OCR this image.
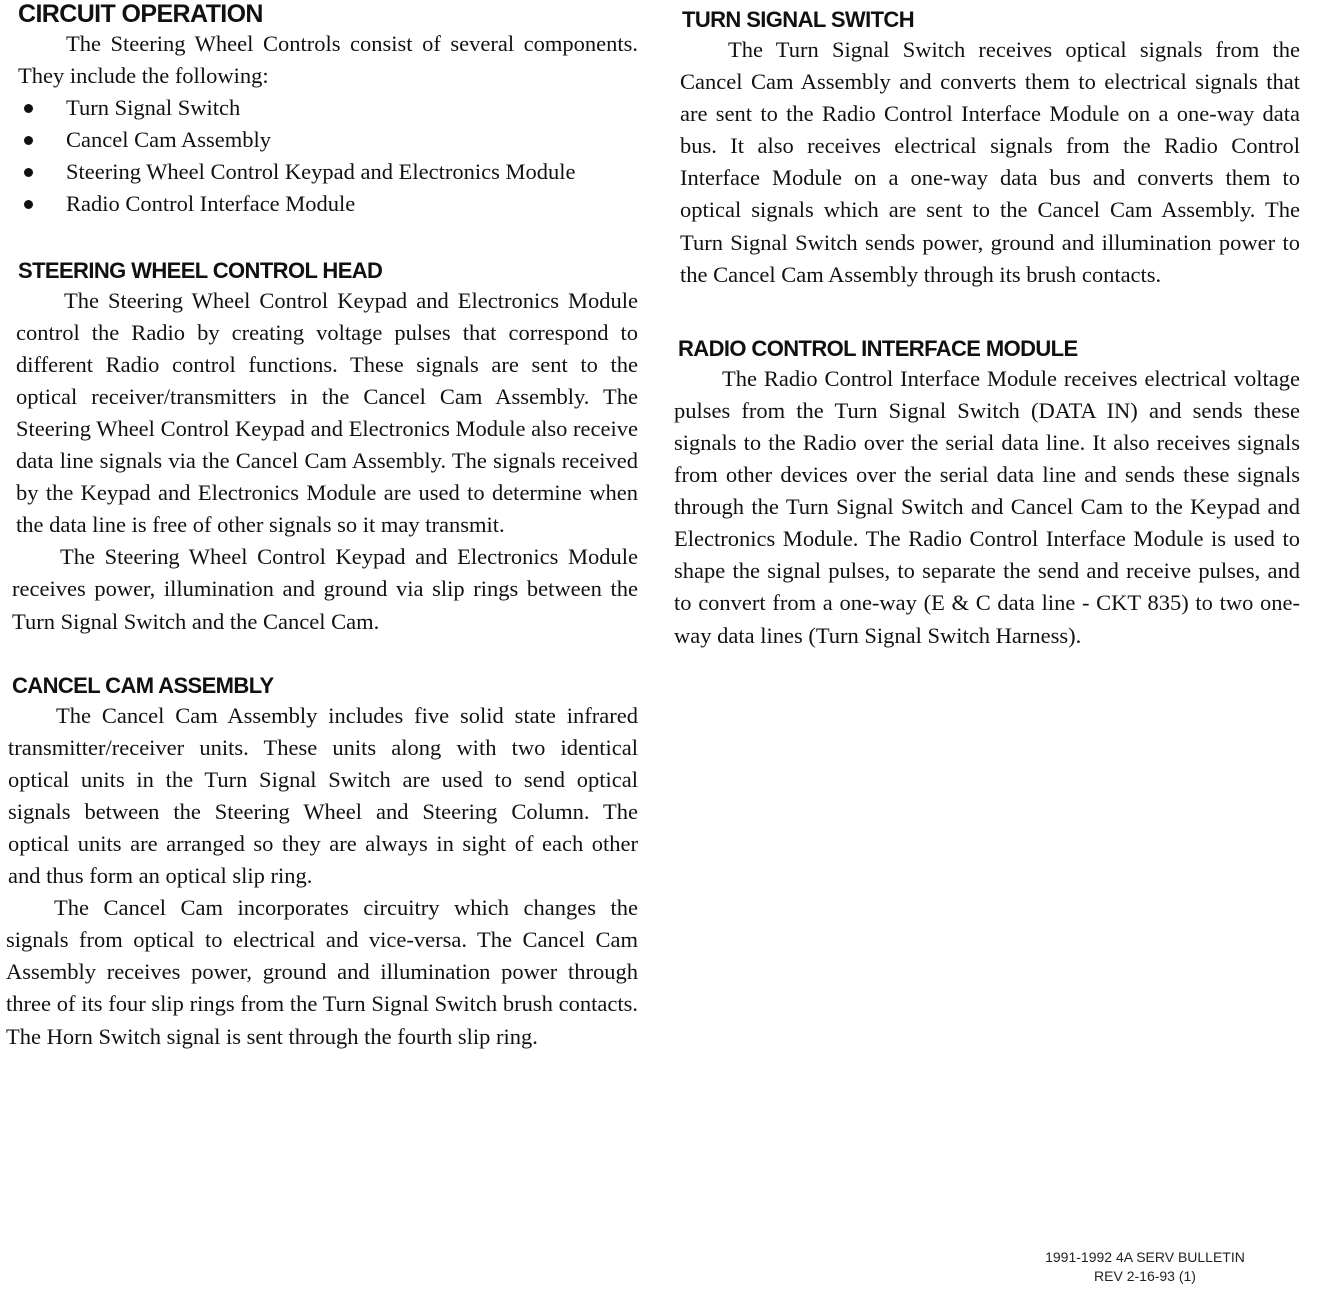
CIRCUIT OPERATION

The Steering Wheel Controls consist of several components. They include the following:

Turn Signal Switch
Cancel Cam Assembly
Steering Wheel Control Keypad and Electronics Module
Radio Control Interface Module
STEERING WHEEL CONTROL HEAD

The Steering Wheel Control Keypad and Electronics Module control the Radio by creating voltage pulses that correspond to different Radio control functions. These signals are sent to the optical receiver/transmitters in the Cancel Cam Assembly. The Steering Wheel Control Keypad and Electronics Module also receive data line signals via the Cancel Cam Assembly. The signals received by the Keypad and Electronics Module are used to determine when the data line is free of other signals so it may transmit.

The Steering Wheel Control Keypad and Electronics Module receives power, illumination and ground via slip rings between the Turn Signal Switch and the Cancel Cam.

CANCEL CAM ASSEMBLY

The Cancel Cam Assembly includes five solid state infrared transmitter/receiver units. These units along with two identical optical units in the Turn Signal Switch are used to send optical signals between the Steering Wheel and Steering Column. The optical units are arranged so they are always in sight of each other and thus form an optical slip ring.

The Cancel Cam incorporates circuitry which changes the signals from optical to electrical and vice-versa. The Cancel Cam Assembly receives power, ground and illumination power through three of its four slip rings from the Turn Signal Switch brush contacts. The Horn Switch signal is sent through the fourth slip ring.

TURN SIGNAL SWITCH

The Turn Signal Switch receives optical signals from the Cancel Cam Assembly and converts them to electrical signals that are sent to the Radio Control Interface Module on a one-way data bus. It also receives electrical signals from the Radio Control Interface Module on a one-way data bus and converts them to optical signals which are sent to the Cancel Cam Assembly. The Turn Signal Switch sends power, ground and illumination power to the Cancel Cam Assembly through its brush contacts.

RADIO CONTROL INTERFACE MODULE

The Radio Control Interface Module receives electrical voltage pulses from the Turn Signal Switch (DATA IN) and sends these signals to the Radio over the serial data line. It also receives signals from other devices over the serial data line and sends these signals through the Turn Signal Switch and Cancel Cam to the Keypad and Electronics Module. The Radio Control Interface Module is used to shape the signal pulses, to separate the send and receive pulses, and to convert from a one-way (E & C data line - CKT 835) to two one-way data lines (Turn Signal Switch Harness).

1991-1992 4A SERV BULLETIN
REV 2-16-93 (1)
